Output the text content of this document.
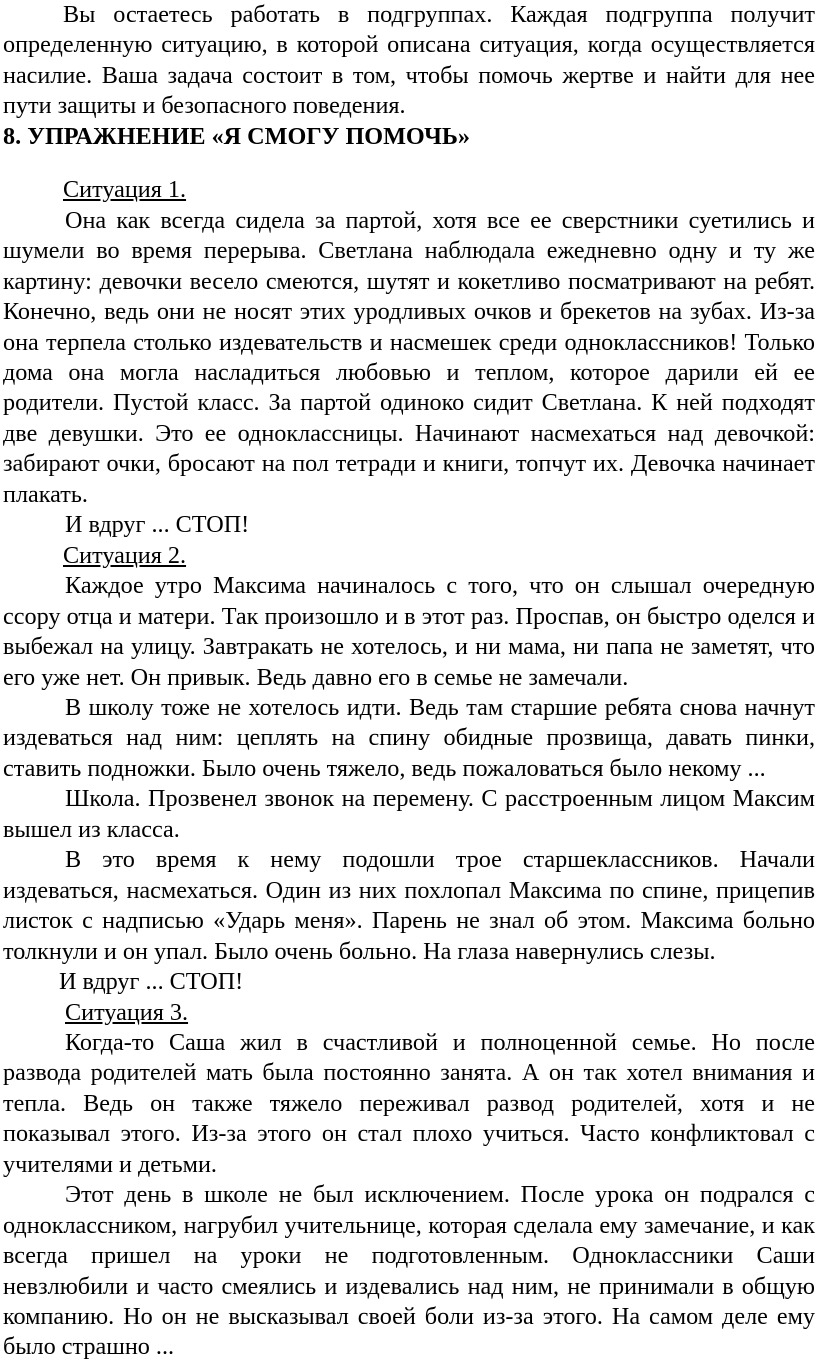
Вы остаетесь работать в подгруппах. Каждая подгруппа получит определенную ситуацию, в которой описана ситуация, когда осуществляется насилие. Ваша задача состоит в том, чтобы помочь жертве и найти для нее пути защиты и безопасного поведения.

8. УПРАЖНЕНИЕ «Я СМОГУ ПОМОЧЬ»

Ситуация 1.

Она как всегда сидела за партой, хотя все ее сверстники суетились и шумели во время перерыва. Светлана наблюдала ежедневно одну и ту же картину: девочки весело смеются, шутят и кокетливо посматривают на ребят. Конечно, ведь они не носят этих уродливых очков и брекетов на зубах. Из-за она терпела столько издевательств и насмешек среди одноклассников! Только дома она могла насладиться любовью и теплом, которое дарили ей ее родители. Пустой класс. За партой одиноко сидит Светлана. К ней подходят две девушки. Это ее одноклассницы. Начинают насмехаться над девочкой: забирают очки, бросают на пол тетради и книги, топчут их. Девочка начинает плакать.

И вдруг ... СТОП!

Ситуация 2.

Каждое утро Максима начиналось с того, что он слышал очередную ссору отца и матери. Так произошло и в этот раз. Проспав, он быстро оделся и выбежал на улицу. Завтракать не хотелось, и ни мама, ни папа не заметят, что его уже нет. Он привык. Ведь давно его в семье не замечали.

В школу тоже не хотелось идти. Ведь там старшие ребята снова начнут издеваться над ним: цеплять на спину обидные прозвища, давать пинки, ставить подножки. Было очень тяжело, ведь пожаловаться было некому ...

Школа. Прозвенел звонок на перемену. С расстроенным лицом Максим вышел из класса.

В это время к нему подошли трое старшеклассников. Начали издеваться, насмехаться. Один из них похлопал Максима по спине, прицепив листок с надписью «Ударь меня». Парень не знал об этом. Максима больно толкнули и он упал. Было очень больно. На глаза навернулись слезы.

И вдруг ... СТОП!

Ситуация 3.

Когда-то Саша жил в счастливой и полноценной семье. Но после развода родителей мать была постоянно занята. А он так хотел внимания и тепла. Ведь он также тяжело переживал развод родителей, хотя и не показывал этого. Из-за этого он стал плохо учиться. Часто конфликтовал с учителями и детьми.

Этот день в школе не был исключением. После урока он подрался с одноклассником, нагрубил учительнице, которая сделала ему замечание, и как всегда пришел на уроки не подготовленным. Одноклассники Саши невзлюбили и часто смеялись и издевались над ним, не принимали в общую компанию. Но он не высказывал своей боли из-за этого. На самом деле ему было страшно ...
